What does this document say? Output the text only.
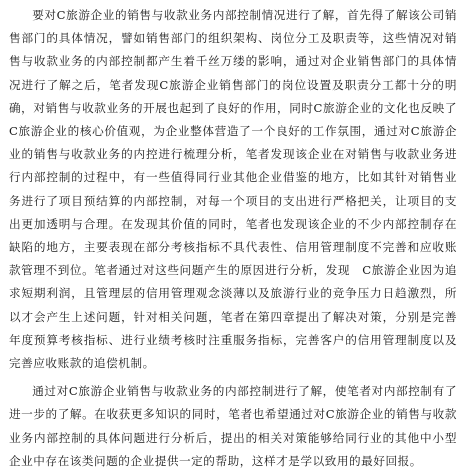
要对C旅游企业的销售与收款业务内部控制情况进行了解，首先得了解该公司销售部门的具体情况，譬如销售部门的组织架构、岗位分工及职责等，这些情况对销售与收款业务的内部控制都产生着千丝万缕的影响，通过对企业销售部门的具体情况进行了解之后，笔者发现C旅游企业销售部门的岗位设置及职责分工都十分的明确，对销售与收款业务的开展也起到了良好的作用，同时C旅游企业的文化也反映了C旅游企业的核心价值观，为企业整体营造了一个良好的工作氛围，通过对C旅游企业的销售与收款业务的内控进行梳理分析，笔者发现该企业在对销售与收款业务进行内部控制的过程中，有一些值得同行业其他企业借鉴的地方，比如其针对销售业务进行了项目预结算的内部控制，对每一个项目的支出进行严格把关，让项目的支出更加透明与合理。在发现其价值的同时，笔者也发现该企业的不少内部控制存在缺陷的地方，主要表现在部分考核指标不具代表性、信用管理制度不完善和应收账款管理不到位。笔者通过对这些问题产生的原因进行分析，发现　C旅游企业因为追求短期利润，且管理层的信用管理观念淡薄以及旅游行业的竞争压力日趋激烈，所以才会产生上述问题，针对相关问题，笔者在第四章提出了解决对策，分别是完善年度预算考核指标、进行业绩考核时注重服务指标，完善客户的信用管理制度以及完善应收账款的追偿机制。

通过对C旅游企业销售与收款业务的内部控制进行了解，使笔者对内部控制有了进一步的了解。在收获更多知识的同时，笔者也希望通过对C旅游企业的销售与收款业务内部控制的具体问题进行分析后，提出的相关对策能够给同行业的其他中小型企业中存在该类问题的企业提供一定的帮助，这样才是学以致用的最好回报。
